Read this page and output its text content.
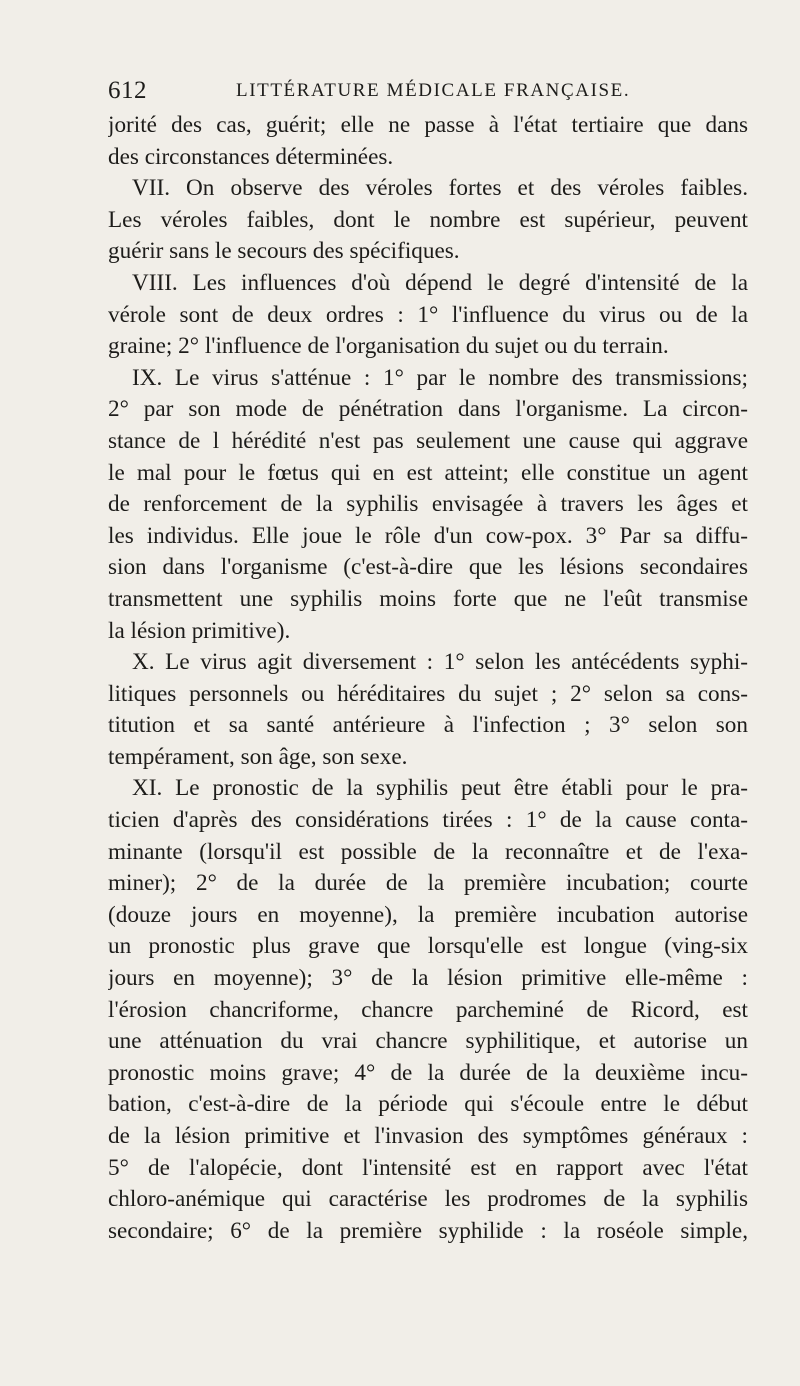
612	LITTÉRATURE MÉDICALE FRANÇAISE.
jorité des cas, guérit; elle ne passe à l'état tertiaire que dans
des circonstances déterminées.
VII. On observe des véroles fortes et des véroles faibles.
Les véroles faibles, dont le nombre est supérieur, peuvent
guérir sans le secours des spécifiques.
VIII. Les influences d'où dépend le degré d'intensité de la
vérole sont de deux ordres : 1° l'influence du virus ou de la
graine; 2° l'influence de l'organisation du sujet ou du terrain.
IX. Le virus s'atténue : 1° par le nombre des transmissions;
2° par son mode de pénétration dans l'organisme. La circon-
stance de l hérédité n'est pas seulement une cause qui aggrave
le mal pour le fœtus qui en est atteint; elle constitue un agent
de renforcement de la syphilis envisagée à travers les âges et
les individus. Elle joue le rôle d'un cow-pox. 3° Par sa diffu-
sion dans l'organisme (c'est-à-dire que les lésions secondaires
transmettent une syphilis moins forte que ne l'eût transmise
la lésion primitive).
X. Le virus agit diversement : 1° selon les antécédents syphi-
litiques personnels ou héréditaires du sujet ; 2° selon sa cons-
titution et sa santé antérieure à l'infection ; 3° selon son
tempérament, son âge, son sexe.
XI. Le pronostic de la syphilis peut être établi pour le pra-
ticien d'après des considérations tirées : 1° de la cause conta-
minante (lorsqu'il est possible de la reconnaître et de l'exa-
miner); 2° de la durée de la première incubation; courte
(douze jours en moyenne), la première incubation autorise
un pronostic plus grave que lorsqu'elle est longue (ving-six
jours en moyenne); 3° de la lésion primitive elle-même :
l'érosion chancriforme, chancre parcheminé de Ricord, est
une atténuation du vrai chancre syphilitique, et autorise un
pronostic moins grave; 4° de la durée de la deuxième incu-
bation, c'est-à-dire de la période qui s'écoule entre le début
de la lésion primitive et l'invasion des symptômes généraux :
5° de l'alopécie, dont l'intensité est en rapport avec l'état
chloro-anémique qui caractérise les prodromes de la syphilis
secondaire; 6° de la première syphilide : la roséole simple,
